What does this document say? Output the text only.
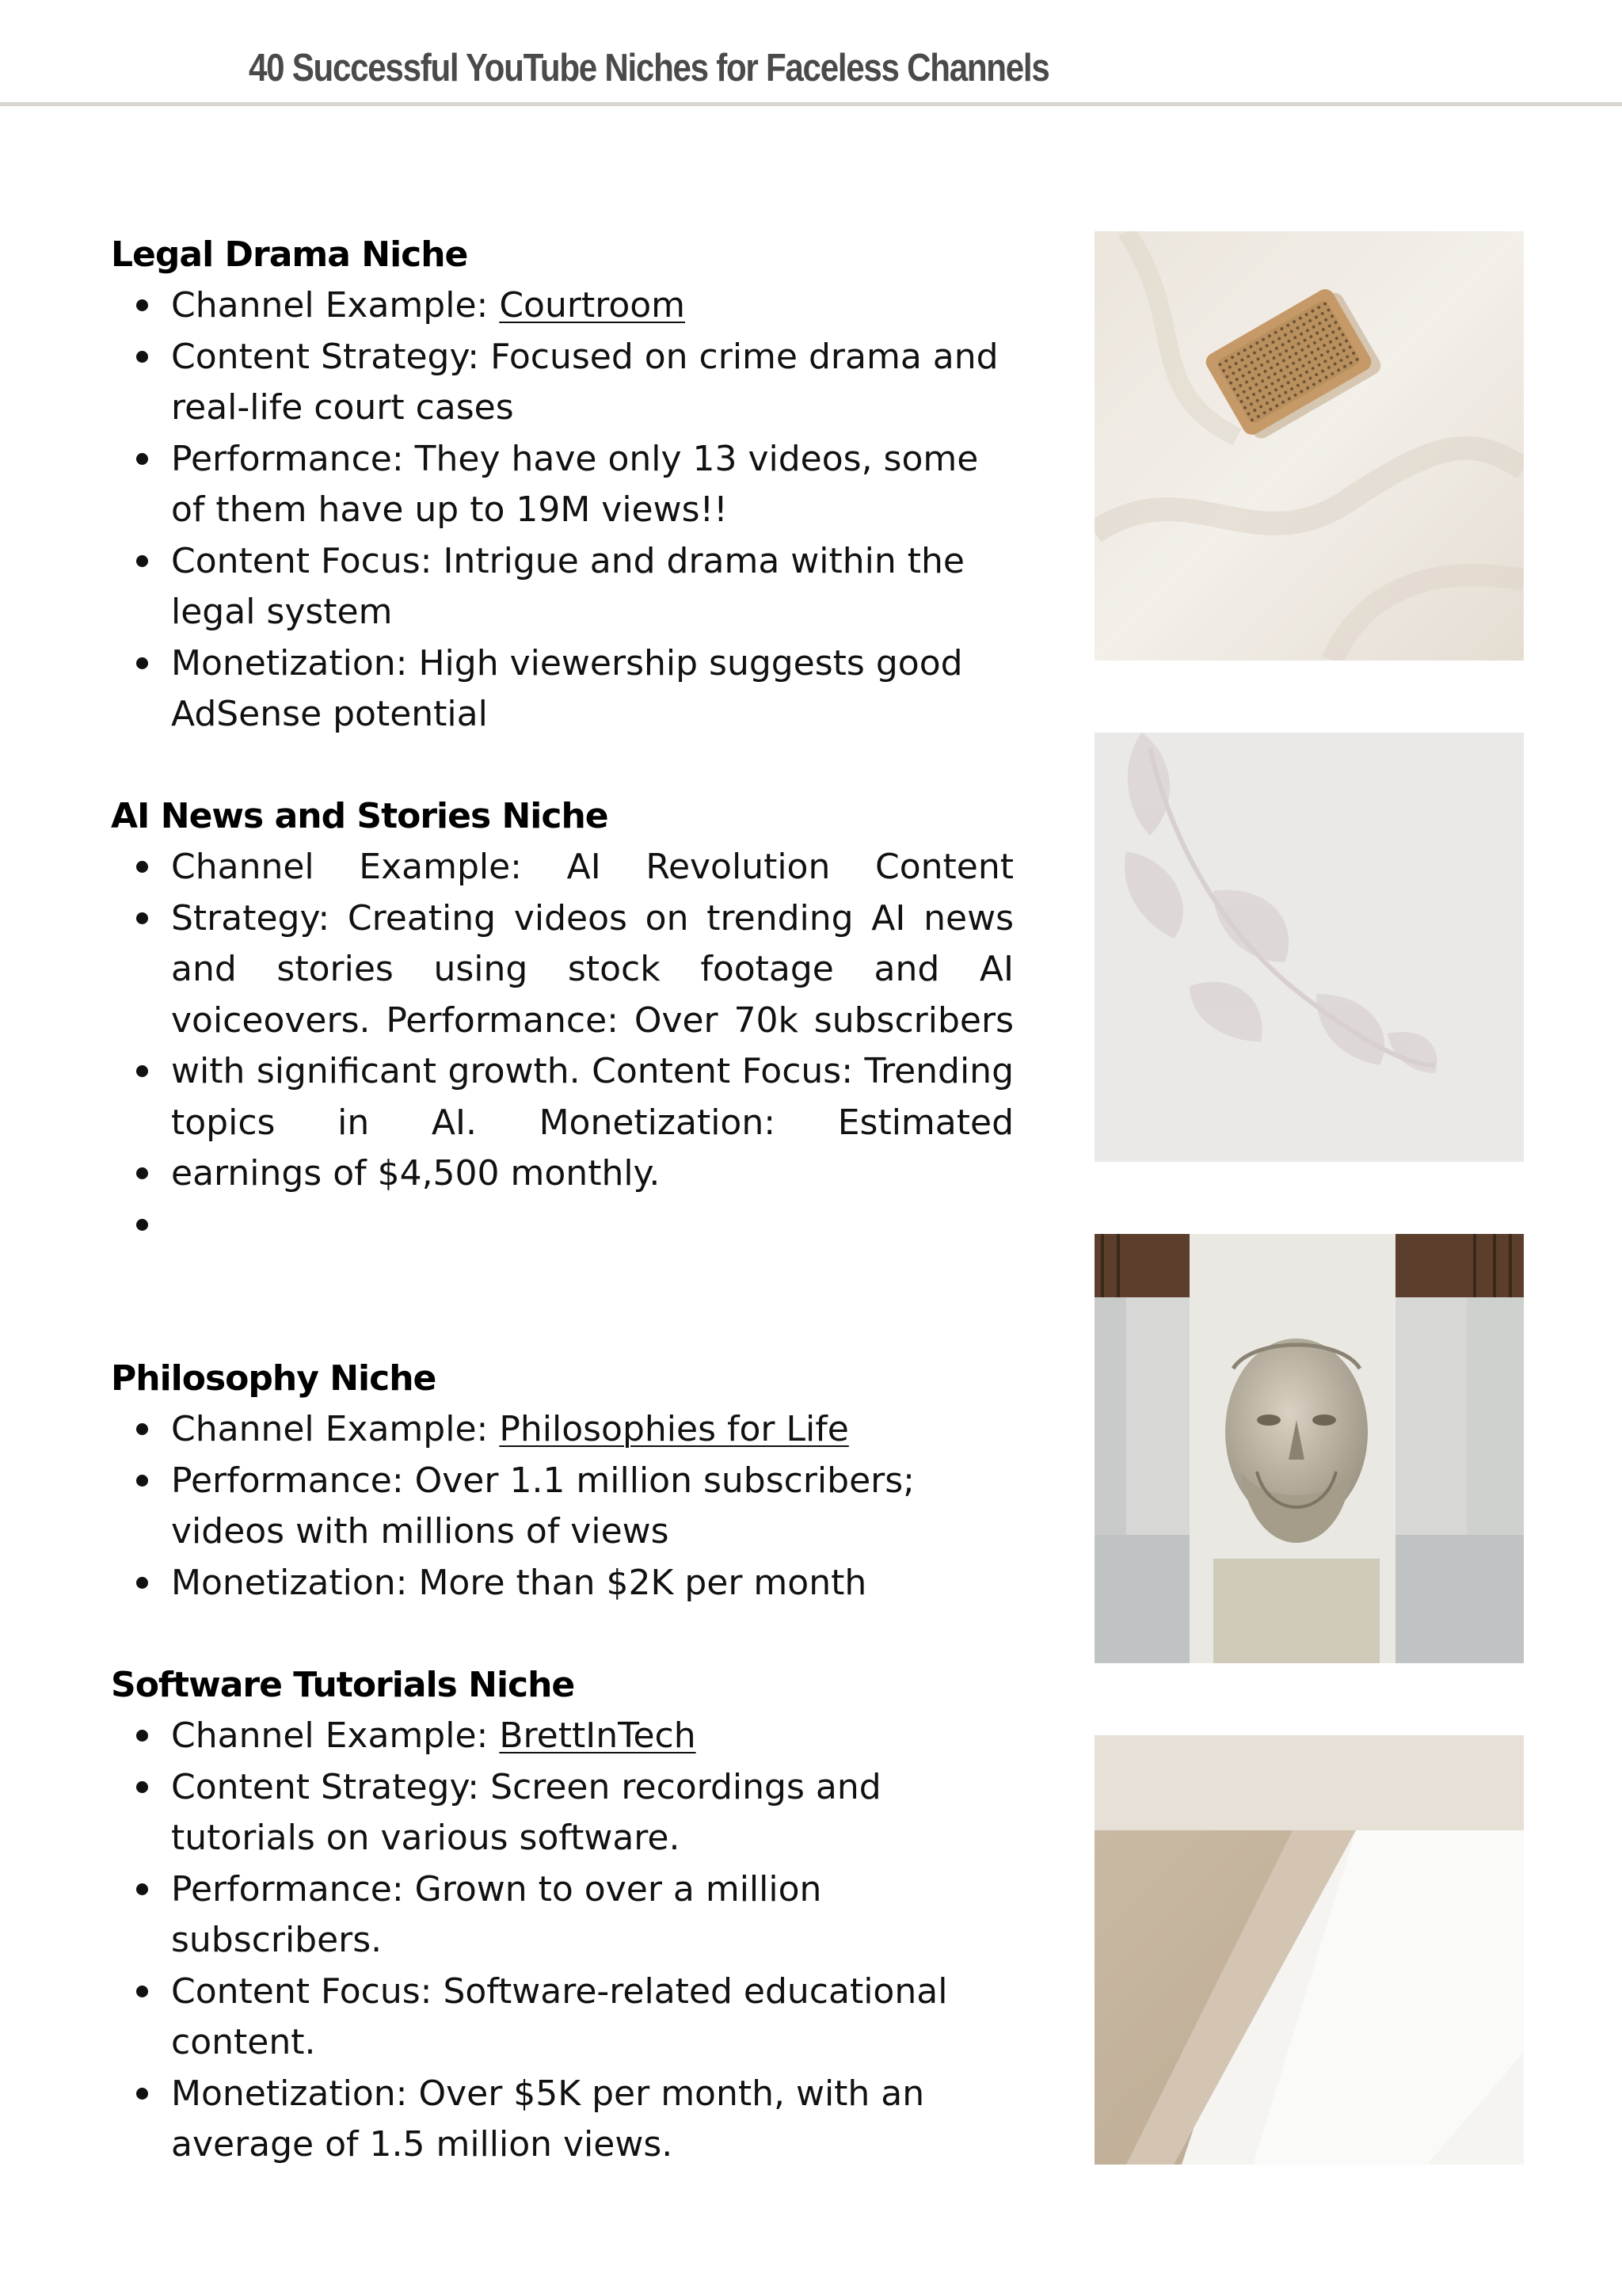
40 Successful YouTube Niches for Faceless Channels
Legal Drama Niche
Channel Example: Courtroom
Content Strategy: Focused on crime drama and real-life court cases
Performance: They have only 13 videos, some of them have up to 19M views!!
Content Focus: Intrigue and drama within the legal system
Monetization: High viewership suggests good AdSense potential
AI News and Stories Niche
Channel Example: AI Revolution Content
Strategy: Creating videos on trending AI news and stories using stock footage and AI voiceovers. Performance: Over 70k subscribers
with significant growth. Content Focus: Trending topics in AI. Monetization: Estimated
earnings of $4,500 monthly.
Philosophy Niche
Channel Example: Philosophies for Life
Performance: Over 1.1 million subscribers; videos with millions of views
Monetization: More than $2K per month
Software Tutorials Niche
Channel Example: BrettInTech
Content Strategy: Screen recordings and tutorials on various software.
Performance: Grown to over a million subscribers.
Content Focus: Software-related educational content.
Monetization: Over $5K per month, with an average of 1.5 million views.
